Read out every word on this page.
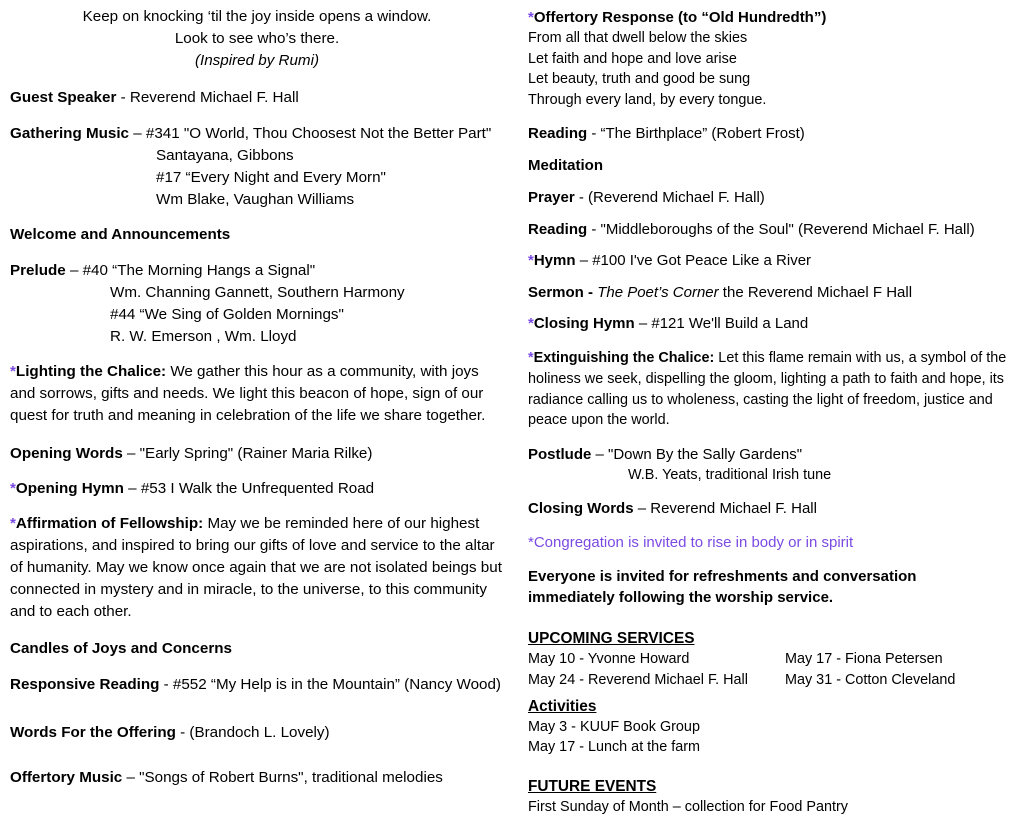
Keep on knocking ‘til the joy inside opens a window.
Look to see who’s there.
(Inspired by Rumi)
Guest Speaker - Reverend Michael F. Hall
Gathering Music – #341 "O World, Thou Choosest Not the Better Part"
Santayana, Gibbons
#17 “Every Night and Every Morn"
Wm Blake, Vaughan Williams
Welcome and Announcements
Prelude – #40 “The Morning Hangs a Signal"
Wm. Channing Gannett, Southern Harmony
#44 “We Sing of Golden Mornings"
R. W. Emerson , Wm. Lloyd
*Lighting the Chalice: We gather this hour as a community, with joys and sorrows, gifts and needs. We light this beacon of hope, sign of our quest for truth and meaning in celebration of the life we share together.
Opening Words – "Early Spring" (Rainer Maria Rilke)
*Opening Hymn – #53 I Walk the Unfrequented Road
*Affirmation of Fellowship: May we be reminded here of our highest aspirations, and inspired to bring our gifts of love and service to the altar of humanity. May we know once again that we are not isolated beings but connected in mystery and in miracle, to the universe, to this community and to each other.
Candles of Joys and Concerns
Responsive Reading - #552 “My Help is in the Mountain” (Nancy Wood)
Words For the Offering - (Brandoch L. Lovely)
Offertory Music – "Songs of Robert Burns", traditional melodies
*Offertory Response (to “Old Hundredth”)
From all that dwell below the skies
Let faith and hope and love arise
Let beauty, truth and good be sung
Through every land, by every tongue.
Reading - “The Birthplace” (Robert Frost)
Meditation
Prayer - (Reverend Michael F. Hall)
Reading - "Middleboroughs of the Soul" (Reverend Michael F. Hall)
*Hymn – #100 I've Got Peace Like a River
Sermon - The Poet’s Corner the Reverend Michael F Hall
*Closing Hymn – #121 We'll Build a Land
*Extinguishing the Chalice: Let this flame remain with us, a symbol of the holiness we seek, dispelling the gloom, lighting a path to faith and hope, its radiance calling us to wholeness, casting the light of freedom, justice and peace upon the world.
Postlude – "Down By the Sally Gardens"
W.B. Yeats, traditional Irish tune
Closing Words – Reverend Michael F. Hall
*Congregation is invited to rise in body or in spirit
Everyone is invited for refreshments and conversation
immediately following the worship service.
UPCOMING SERVICES
May 10 - Yvonne Howard	May 17 - Fiona Petersen
May 24 - Reverend Michael F. Hall	May 31 - Cotton Cleveland
Activities
May 3 - KUUF Book Group
May 17 - Lunch at the farm
FUTURE EVENTS
First Sunday of Month – collection for Food Pantry
